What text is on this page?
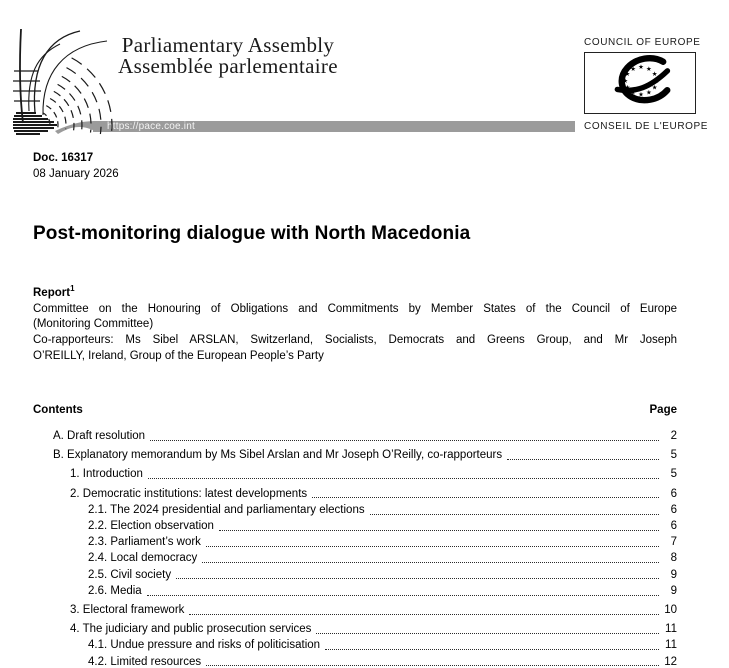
https://pace.coe.int
Parliamentary Assembly
Assemblée parlementaire
COUNCIL OF EUROPE
★
★
★
★
★
★
★
★
★ ★ ★
★
CONSEIL DE L'EUROPE
Doc. 16317
08 January 2026
Post-monitoring dialogue with North Macedonia
Report$^1$
Committee on the Honouring of Obligations and Commitments by Member States of the Council of Europe
(Monitoring Committee)
Co-rapporteurs: Ms Sibel ARSLAN, Switzerland, Socialists, Democrats and Greens Group, and Mr Joseph
O’REILLY, Ireland, Group of the European People’s Party
Contents	Page
A. Draft resolution	2
B. Explanatory memorandum by Ms Sibel Arslan and Mr Joseph O’Reilly, co-rapporteurs	5
1. Introduction	5
2. Democratic institutions: latest developments	6
2.1. The 2024 presidential and parliamentary elections	6
2.2. Election observation	6
2.3. Parliament’s work	7
2.4. Local democracy	8
2.5. Civil society	9
2.6. Media	9
3. Electoral framework	10
4. The judiciary and public prosecution services	11
4.1. Undue pressure and risks of politicisation	11
4.2. Limited resources	12
